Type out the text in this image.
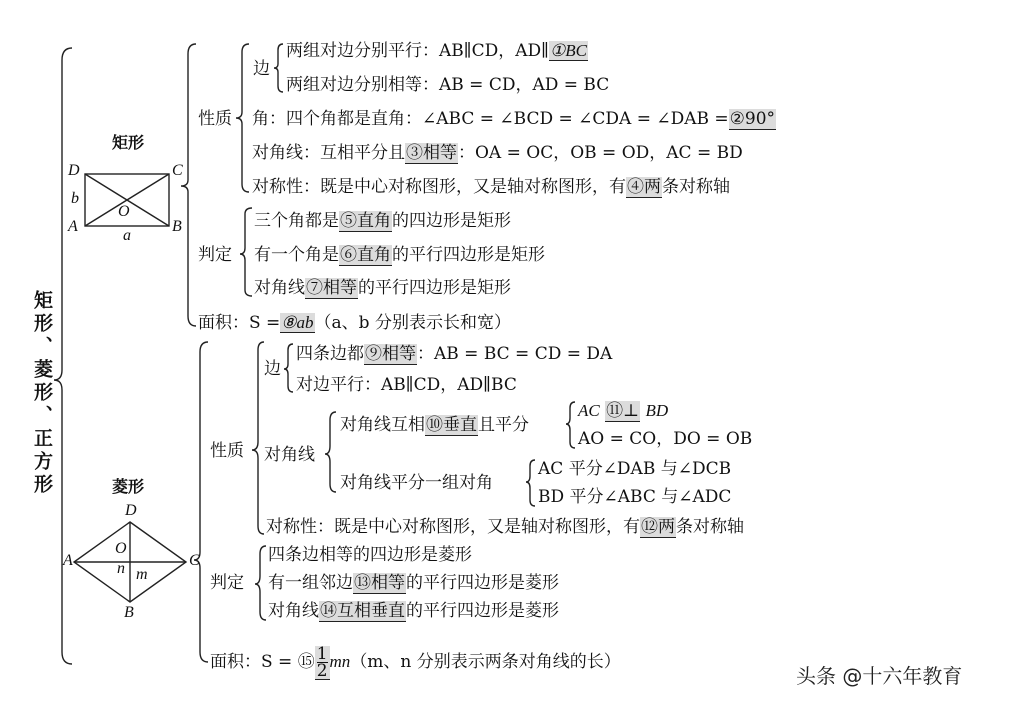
矩形、菱形、正方形
矩形
D	C
A	B
O
a
b
菱形
D
C
A
B
O
n m
性质
边
两组对边分别平行：AB∥CD，AD∥①BC
两组对边分别相等：AB = CD，AD = BC
角：四个角都是直角：∠ABC = ∠BCD = ∠CDA = ∠DAB =②90°
对角线：互相平分且③相等：OA = OC，OB = OD，AC = BD
对称性：既是中心对称图形，又是轴对称图形，有④两条对称轴
判定
三个角都是⑤直角的四边形是矩形
有一个角是⑥直角的平行四边形是矩形
对角线⑦相等的平行四边形是矩形
面积：S =⑧ab（a、b 分别表示长和宽）
性质
边
四条边都⑨相等：AB = BC = CD = DA
对边平行：AB∥CD，AD∥BC
对角线
对角线互相⑩垂直且平分
AC ⑪⊥ BD
AO = CO，DO = OB
对角线平分一组对角
AC 平分∠DAB 与∠DCB
BD 平分∠ABC 与∠ADC
对称性：既是中心对称图形，又是轴对称图形，有⑫两条对称轴
判定
四条边相等的四边形是菱形
有一组邻边⑬相等的平行四边形是菱形
对角线⑭互相垂直的平行四边形是菱形
面积：S = ⑮ $\frac{1}{2} mn(m$、n 分别表示两条对角线的长）
头条 @十六年教育
